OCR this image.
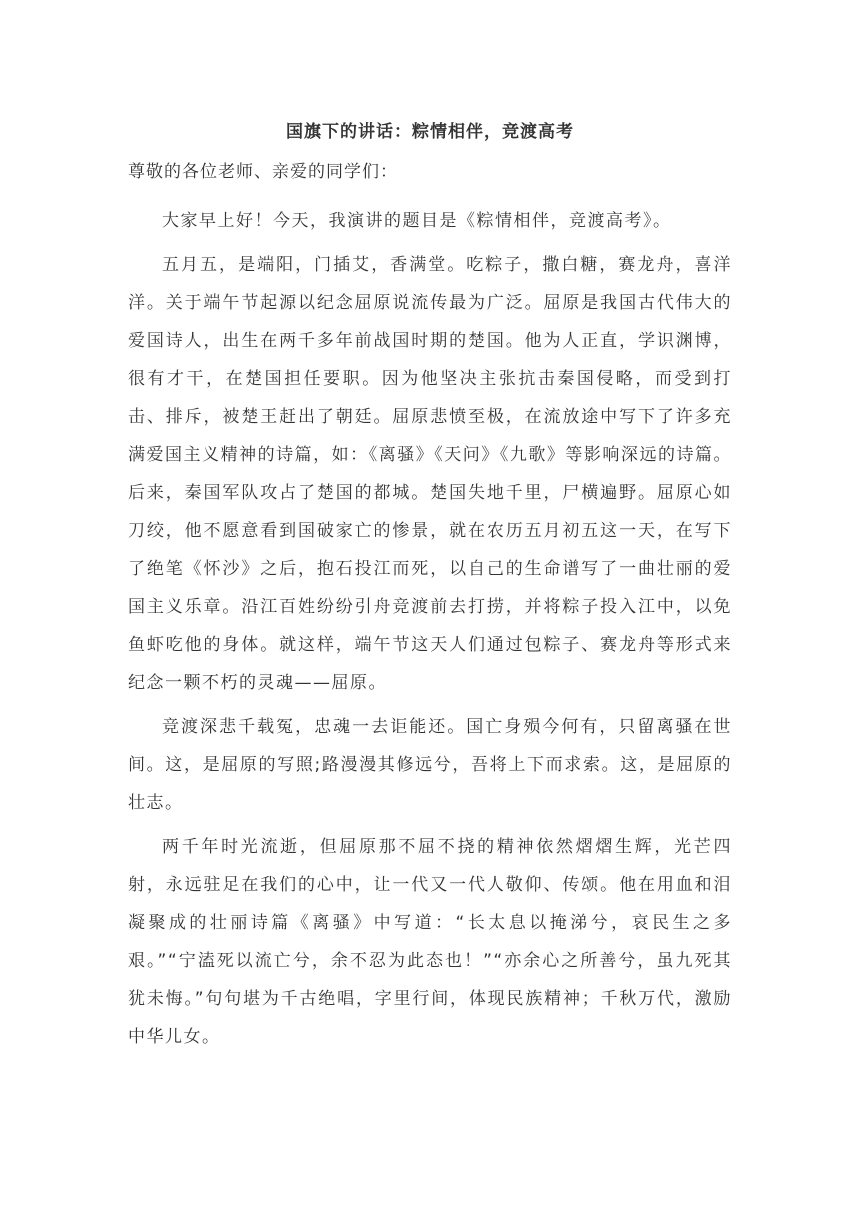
国旗下的讲话：粽情相伴，竞渡高考

尊敬的各位老师、亲爱的同学们：

大家早上好！今天，我演讲的题目是《粽情相伴，竞渡高考》。

五月五，是端阳，门插艾，香满堂。吃粽子，撒白糖，赛龙舟，喜洋洋。关于端午节起源以纪念屈原说流传最为广泛。屈原是我国古代伟大的爱国诗人，出生在两千多年前战国时期的楚国。他为人正直，学识渊博，很有才干，在楚国担任要职。因为他坚决主张抗击秦国侵略，而受到打击、排斥，被楚王赶出了朝廷。屈原悲愤至极，在流放途中写下了许多充满爱国主义精神的诗篇，如：《离骚》《天问》《九歌》等影响深远的诗篇。后来，秦国军队攻占了楚国的都城。楚国失地千里，尸横遍野。屈原心如刀绞，他不愿意看到国破家亡的惨景，就在农历五月初五这一天，在写下了绝笔《怀沙》之后，抱石投江而死，以自己的生命谱写了一曲壮丽的爱国主义乐章。沿江百姓纷纷引舟竞渡前去打捞，并将粽子投入江中，以免鱼虾吃他的身体。就这样，端午节这天人们通过包粽子、赛龙舟等形式来纪念一颗不朽的灵魂——屈原。

竞渡深悲千载冤，忠魂一去讵能还。国亡身殒今何有，只留离骚在世间。这，是屈原的写照;路漫漫其修远兮，吾将上下而求索。这，是屈原的壮志。

两千年时光流逝，但屈原那不屈不挠的精神依然熠熠生辉，光芒四射，永远驻足在我们的心中，让一代又一代人敬仰、传颂。他在用血和泪凝聚成的壮丽诗篇《离骚》中写道：“长太息以掩涕兮，哀民生之多艰。”“宁溘死以流亡兮，余不忍为此态也！”“亦余心之所善兮，虽九死其犹未悔。”句句堪为千古绝唱，字里行间，体现民族精神；千秋万代，激励中华儿女。
